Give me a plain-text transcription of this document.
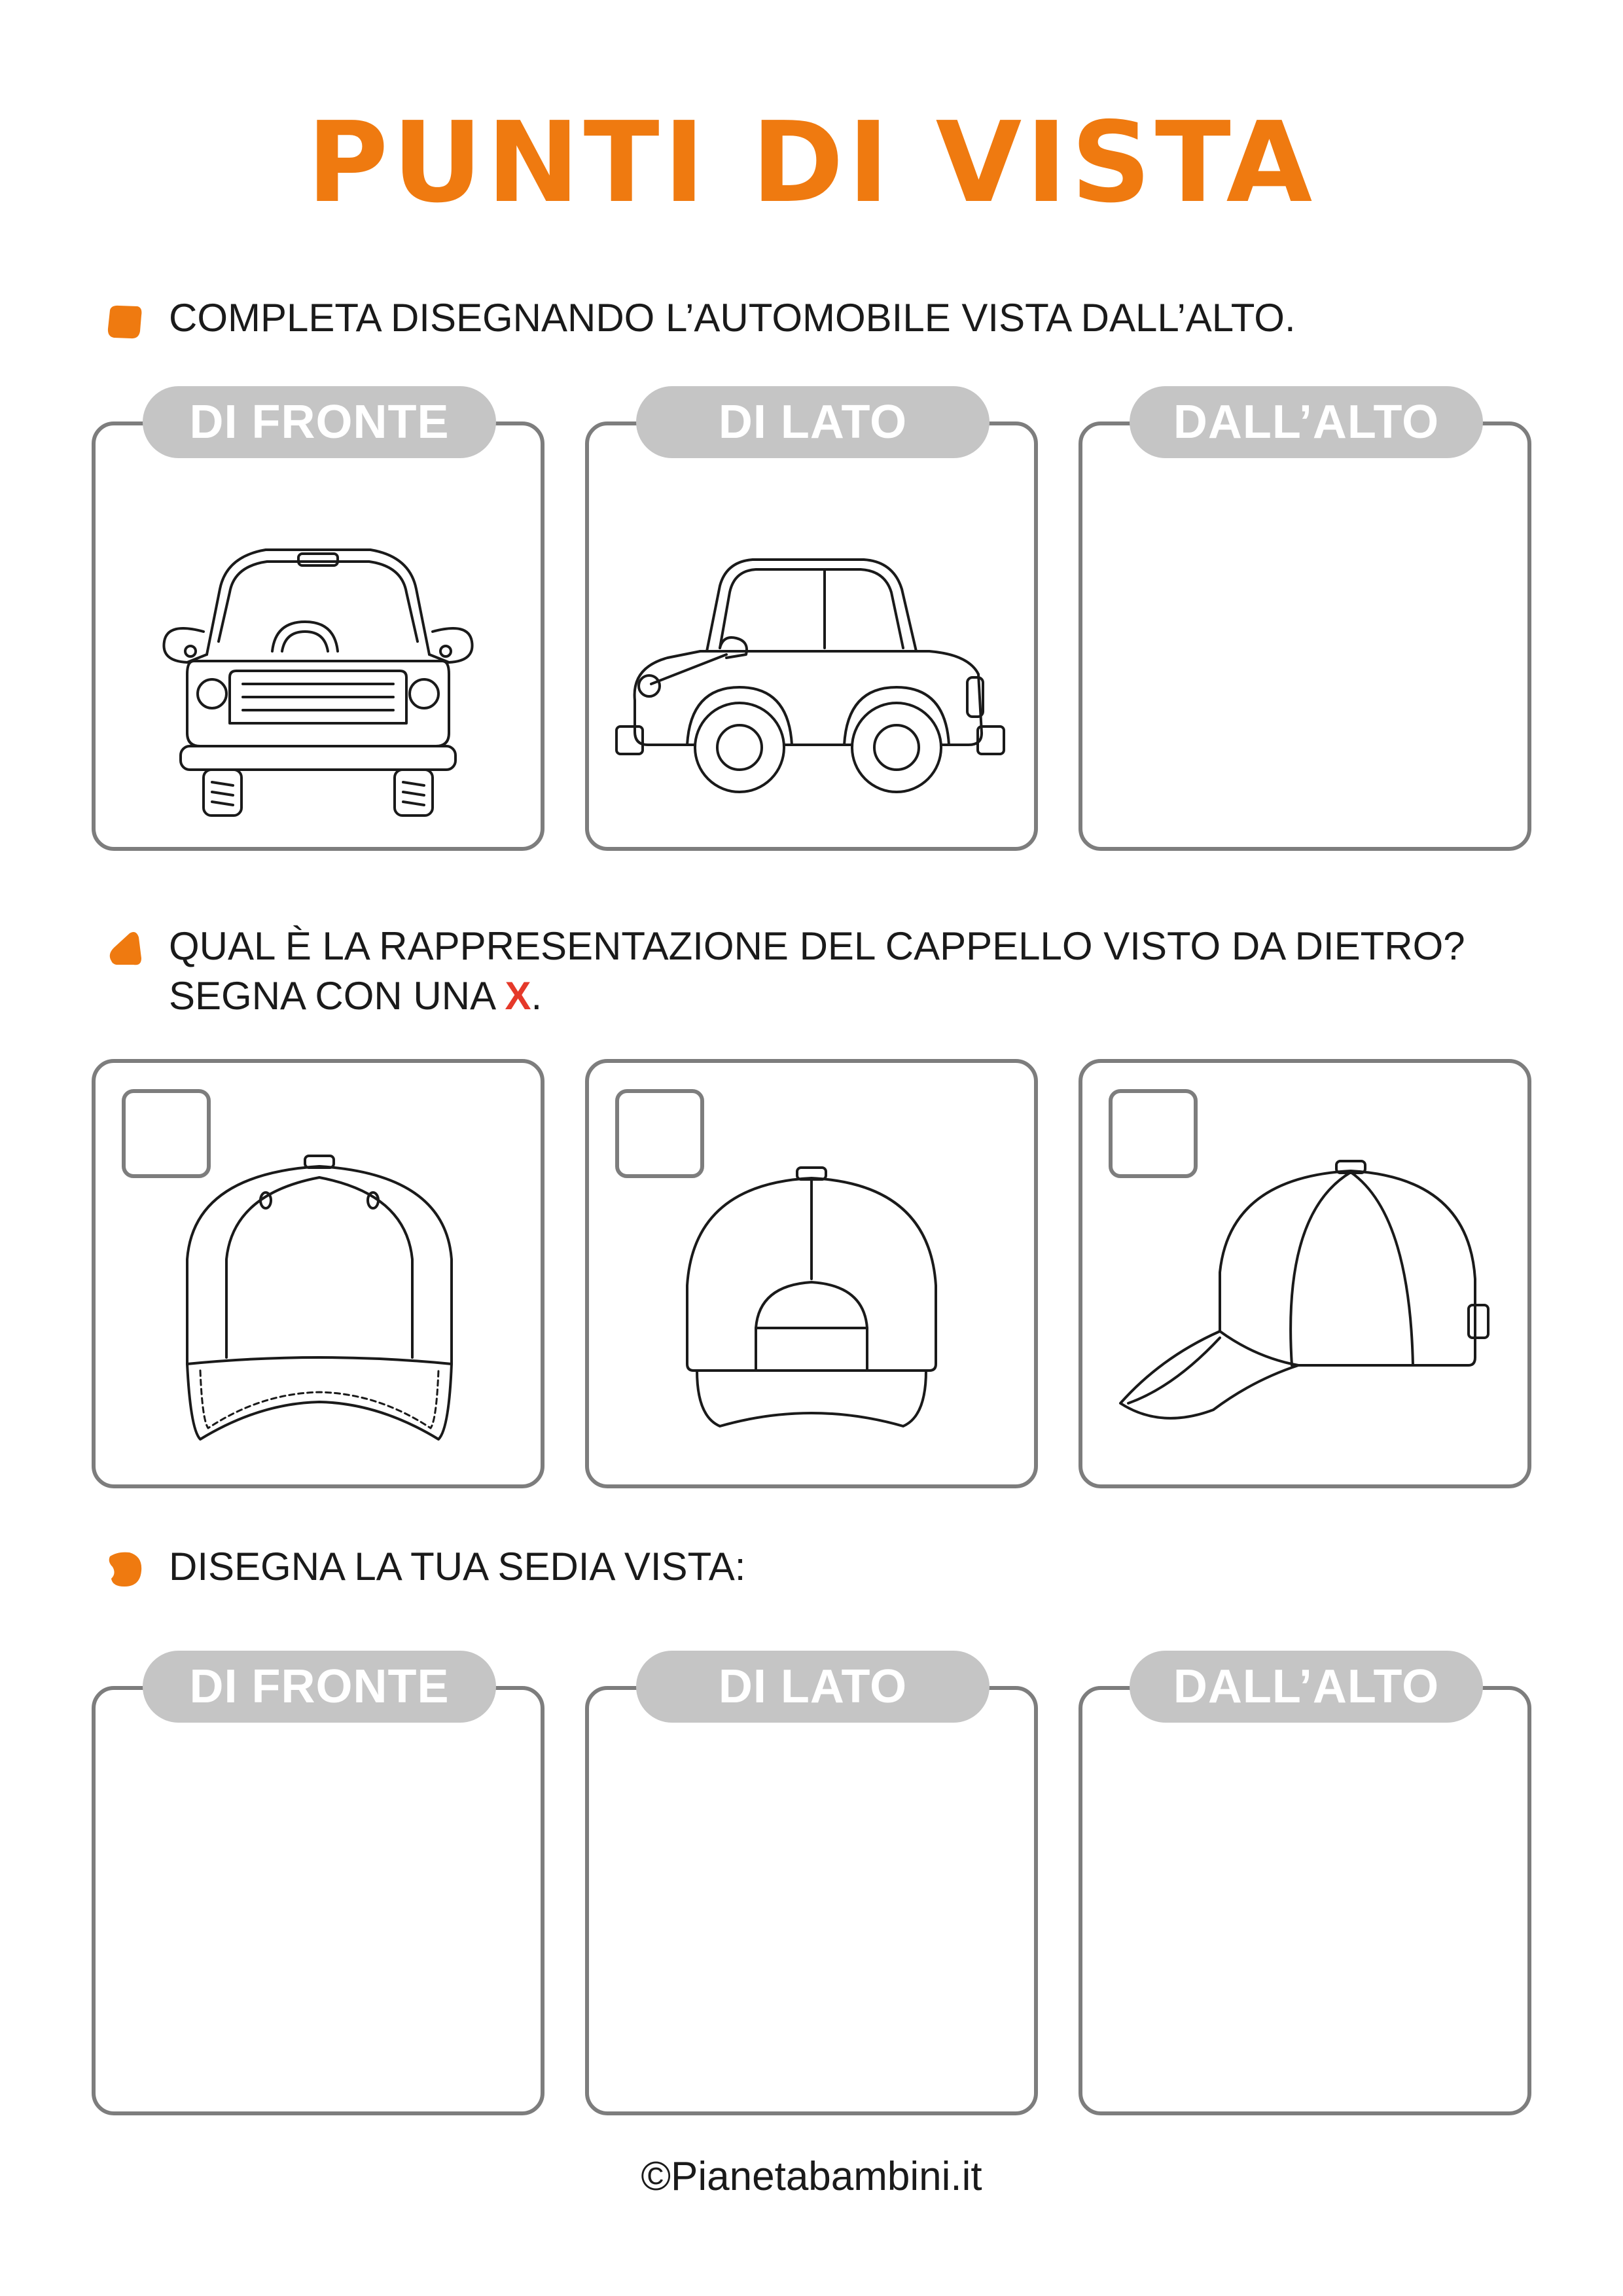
PUNTI DI VISTA
COMPLETA DISEGNANDO L’AUTOMOBILE VISTA DALL’ALTO.
DI FRONTE	DI LATO	DALL’ALTO
QUAL È LA RAPPRESENTAZIONE DEL CAPPELLO VISTO DA DIETRO?
SEGNA CON UNA X.
DISEGNA LA TUA SEDIA VISTA:
DI FRONTE	DI LATO	DALL’ALTO
©Pianetabambini.it
